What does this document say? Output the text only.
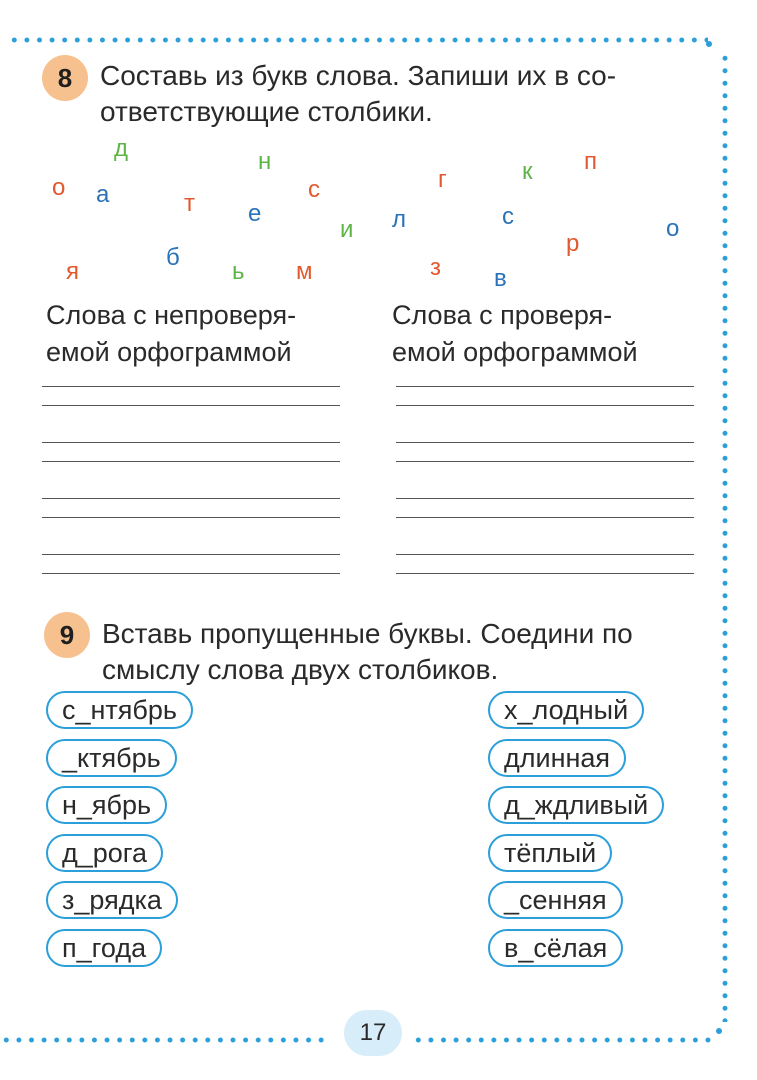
8 Составь из букв слова. Запиши их в со-
ответствующие столбики.
д	н	к п
о а	т е
с	г
и л	с	о
р
б
я	ь м	з в
Слова с непроверя-
емой орфограммой
Слова с проверя-
емой орфограммой
9 Вставь пропущенные буквы. Соедини по
смыслу слова двух столбиков.
с_нтябрь
_ктябрь
н_ябрь
д_рога
з_рядка
п_года
х_лодный
длинная
д_ждливый
тёплый
_сенняя
в_сёлая
17
